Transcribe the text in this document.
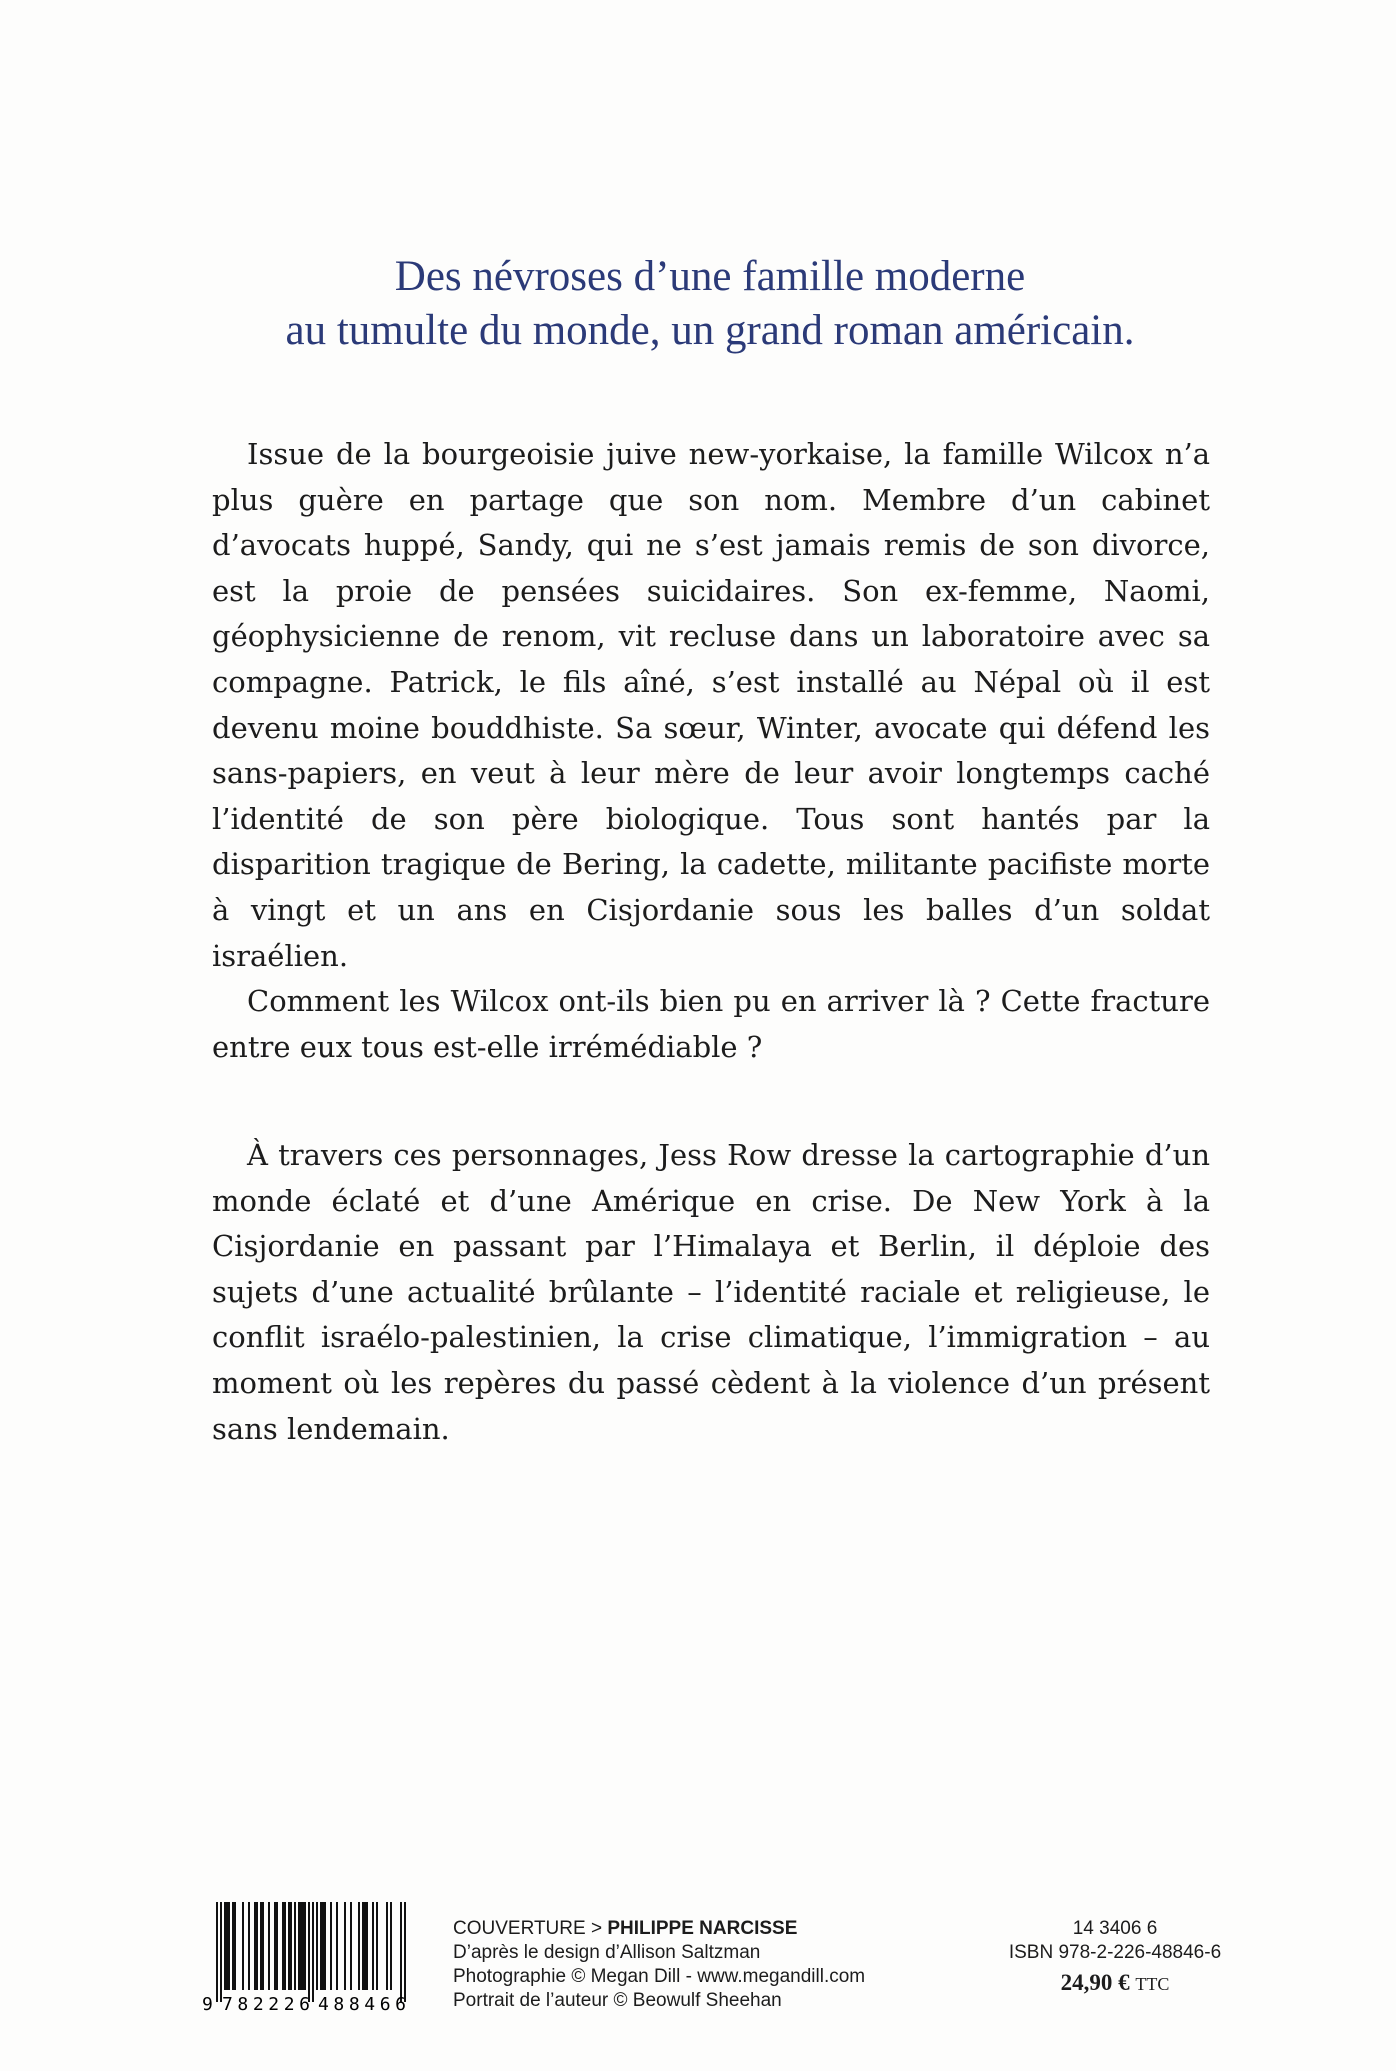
Des névroses d’une famille moderne
au tumulte du monde, un grand roman américain.

Issue de la bourgeoisie juive new-yorkaise, la famille Wilcox n’a plus guère en partage que son nom. Membre d’un cabinet d’avocats huppé, Sandy, qui ne s’est jamais remis de son divorce, est la proie de pensées suicidaires. Son ex-femme, Naomi, géophysicienne de renom, vit recluse dans un laboratoire avec sa compagne. Patrick, le fils aîné, s’est installé au Népal où il est devenu moine bouddhiste. Sa sœur, Winter, avocate qui défend les sans-papiers, en veut à leur mère de leur avoir longtemps caché l’identité de son père biologique. Tous sont hantés par la disparition tragique de Bering, la cadette, militante pacifiste morte à vingt et un ans en Cisjordanie sous les balles d’un soldat israélien.

Comment les Wilcox ont-ils bien pu en arriver là ? Cette fracture entre eux tous est-elle irrémédiable ?

À travers ces personnages, Jess Row dresse la cartographie d’un monde éclaté et d’une Amérique en crise. De New York à la Cisjordanie en passant par l’Himalaya et Berlin, il déploie des sujets d’une actualité brûlante – l’identité raciale et religieuse, le conflit israélo-palestinien, la crise climatique, l’immigration – au moment où les repères du passé cèdent à la violence d’un présent sans lendemain.

9 782226 488466
COUVERTURE > PHILIPPE NARCISSE
D’après le design d’Allison Saltzman
Photographie © Megan Dill - www.megandill.com
Portrait de l’auteur © Beowulf Sheehan
14 3406 6
ISBN 978-2-226-48846-6
24,90 € TTC
